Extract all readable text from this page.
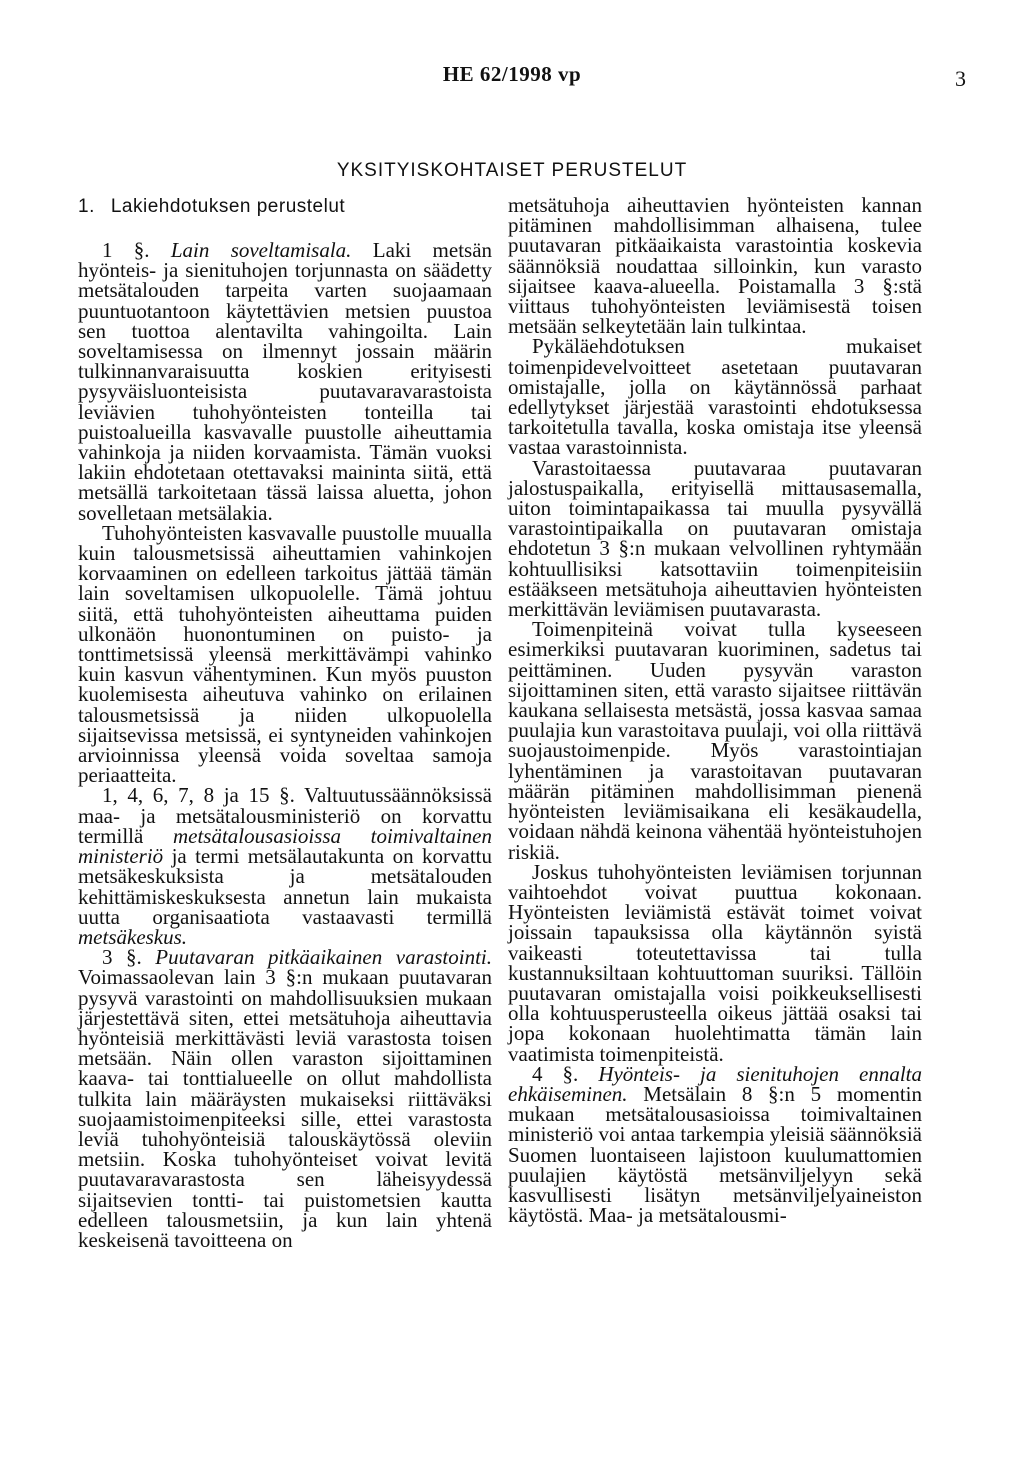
HE 62/1998 vp	3
YKSITYISKOHTAISET PERUSTELUT
1. Lakiehdotuksen perustelut

1 §. Lain soveltamisala. Laki metsän hyönteis- ja sienituhojen torjunnasta on säädetty metsätalouden tarpeita varten suojaamaan puuntuotantoon käytettävien metsien puustoa sen tuottoa alentavilta vahingoilta. Lain soveltamisessa on ilmennyt jossain määrin tulkinnanvaraisuutta koskien erityisesti pysyväisluonteisista puutavaravarastoista leviävien tuhohyönteisten tonteilla tai puistoalueilla kasvavalle puustolle aiheuttamia vahinkoja ja niiden korvaamista. Tämän vuoksi lakiin ehdotetaan otettavaksi maininta siitä, että metsällä tarkoitetaan tässä laissa aluetta, johon sovelletaan metsälakia.

Tuhohyönteisten kasvavalle puustolle muualla kuin talousmetsissä aiheuttamien vahinkojen korvaaminen on edelleen tarkoitus jättää tämän lain soveltamisen ulkopuolelle. Tämä johtuu siitä, että tuhohyönteisten aiheuttama puiden ulkonäön huonontuminen on puisto- ja tonttimetsissä yleensä merkittävämpi vahinko kuin kasvun vähentyminen. Kun myös puuston kuolemisesta aiheutuva vahinko on erilainen talousmetsissä ja niiden ulkopuolella sijaitsevissa metsissä, ei syntyneiden vahinkojen arvioinnissa yleensä voida soveltaa samoja periaatteita.

1, 4, 6, 7, 8 ja 15 §. Valtuutussäännöksissä maa- ja metsätalousministeriö on korvattu termillä metsätalousasioissa toimivaltainen ministeriö ja termi metsälautakunta on korvattu metsäkeskuksista ja metsätalouden kehittämiskeskuksesta annetun lain mukaista uutta organisaatiota vastaavasti termillä metsäkeskus.

3 §. Puutavaran pitkäaikainen varastointi. Voimassaolevan lain 3 §:n mukaan puutavaran pysyvä varastointi on mahdollisuuksien mukaan järjestettävä siten, ettei metsätuhoja aiheuttavia hyönteisiä merkittävästi leviä varastosta toisen metsään. Näin ollen varaston sijoittaminen kaava- tai tonttialueelle on ollut mahdollista tulkita lain määräysten mukaiseksi riittäväksi suojaamistoimenpiteeksi sille, ettei varastosta leviä tuhohyönteisiä talouskäytössä oleviin metsiin. Koska tuhohyönteiset voivat levitä puutavaravarastosta sen läheisyydessä sijaitsevien tontti- tai puistometsien kautta edelleen talousmetsiin, ja kun lain yhtenä keskeisenä tavoitteena on

metsätuhoja aiheuttavien hyönteisten kannan pitäminen mahdollisimman alhaisena, tulee puutavaran pitkäaikaista varastointia koskevia säännöksiä noudattaa silloinkin, kun varasto sijaitsee kaava-alueella. Poistamalla 3 §:stä viittaus tuhohyönteisten leviämisestä toisen metsään selkeytetään lain tulkintaa.

Pykäläehdotuksen mukaiset toimenpidevelvoitteet asetetaan puutavaran omistajalle, jolla on käytännössä parhaat edellytykset järjestää varastointi ehdotuksessa tarkoitetulla tavalla, koska omistaja itse yleensä vastaa varastoinnista.

Varastoitaessa puutavaraa puutavaran jalostuspaikalla, erityisellä mittausasemalla, uiton toimintapaikassa tai muulla pysyvällä varastointipaikalla on puutavaran omistaja ehdotetun 3 §:n mukaan velvollinen ryhtymään kohtuullisiksi katsottaviin toimenpiteisiin estääkseen metsätuhoja aiheuttavien hyönteisten merkittävän leviämisen puutavarasta.

Toimenpiteinä voivat tulla kyseeseen esimerkiksi puutavaran kuoriminen, sadetus tai peittäminen. Uuden pysyvän varaston sijoittaminen siten, että varasto sijaitsee riittävän kaukana sellaisesta metsästä, jossa kasvaa samaa puulajia kun varastoitava puulaji, voi olla riittävä suojaustoimenpide. Myös varastointiajan lyhentäminen ja varastoitavan puutavaran määrän pitäminen mahdollisimman pienenä hyönteisten leviämisaikana eli kesäkaudella, voidaan nähdä keinona vähentää hyönteistuhojen riskiä.

Joskus tuhohyönteisten leviämisen torjunnan vaihtoehdot voivat puuttua kokonaan. Hyönteisten leviämistä estävät toimet voivat joissain tapauksissa olla käytännön syistä vaikeasti toteutettavissa tai tulla kustannuksiltaan kohtuuttoman suuriksi. Tällöin puutavaran omistajalla voisi poikkeuksellisesti olla kohtuusperusteella oikeus jättää osaksi tai jopa kokonaan huolehtimatta tämän lain vaatimista toimenpiteistä.

4 §. Hyönteis- ja sienituhojen ennalta ehkäiseminen. Metsälain 8 §:n 5 momentin mukaan metsätalousasioissa toimivaltainen ministeriö voi antaa tarkempia yleisiä säännöksiä Suomen luontaiseen lajistoon kuulumattomien puulajien käytöstä metsänviljelyyn sekä kasvullisesti lisätyn metsänviljelyaineiston käytöstä. Maa- ja metsätalousmi-
